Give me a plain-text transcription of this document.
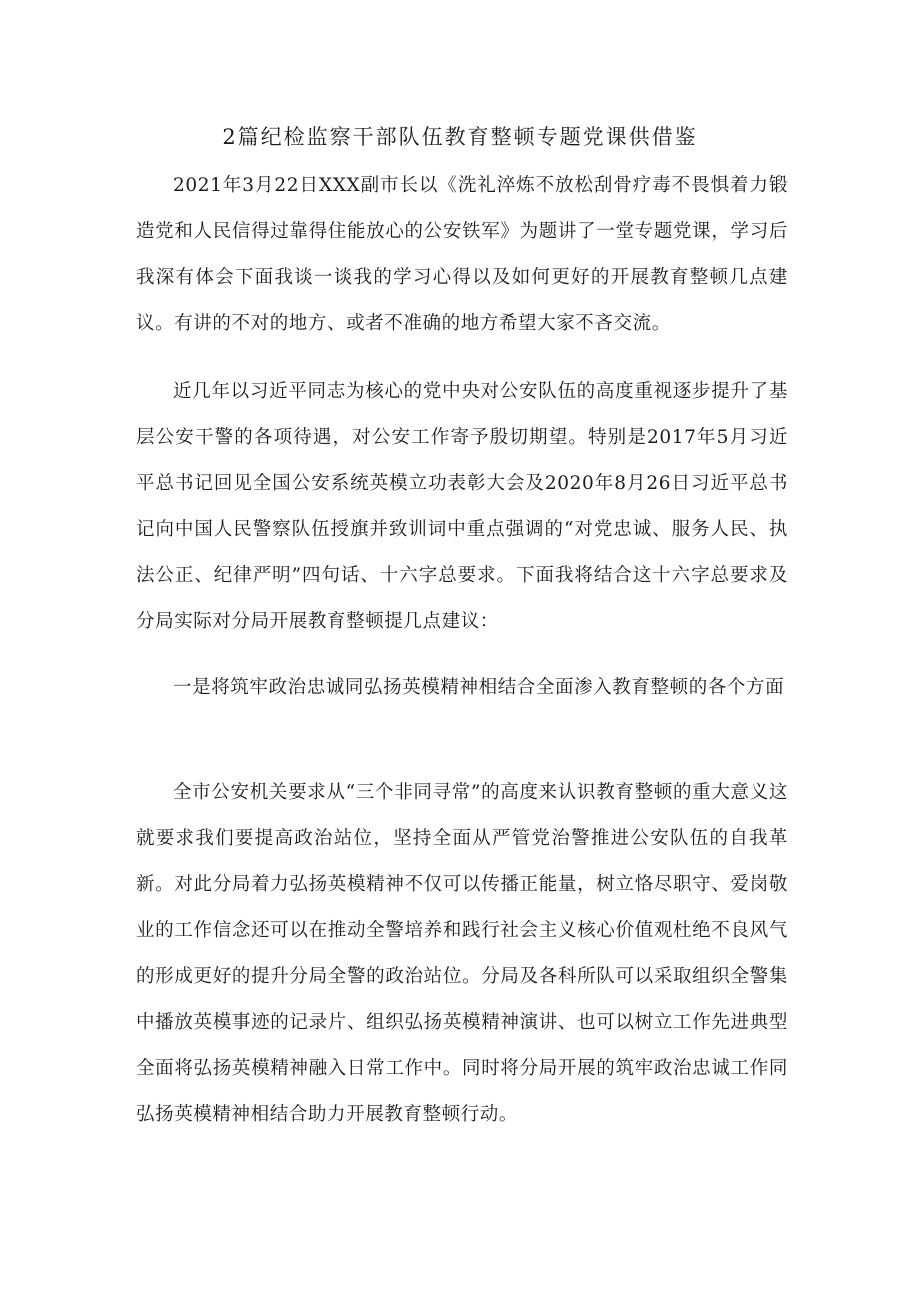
2篇纪检监察干部队伍教育整顿专题党课供借鉴

2021年3月22日XXX副市长以《洗礼淬炼不放松刮骨疗毒不畏惧着力锻造党和人民信得过靠得住能放心的公安铁军》为题讲了一堂专题党课，学习后我深有体会下面我谈一谈我的学习心得以及如何更好的开展教育整顿几点建议。有讲的不对的地方、或者不准确的地方希望大家不吝交流。

近几年以习近平同志为核心的党中央对公安队伍的高度重视逐步提升了基层公安干警的各项待遇，对公安工作寄予殷切期望。特别是2017年5月习近平总书记回见全国公安系统英模立功表彰大会及2020年8月26日习近平总书记向中国人民警察队伍授旗并致训词中重点强调的“对党忠诚、服务人民、执法公正、纪律严明”四句话、十六字总要求。下面我将结合这十六字总要求及分局实际对分局开展教育整顿提几点建议：

一是将筑牢政治忠诚同弘扬英模精神相结合全面渗入教育整顿的各个方面

全市公安机关要求从“三个非同寻常”的高度来认识教育整顿的重大意义这就要求我们要提高政治站位，坚持全面从严管党治警推进公安队伍的自我革新。对此分局着力弘扬英模精神不仅可以传播正能量，树立恪尽职守、爱岗敬业的工作信念还可以在推动全警培养和践行社会主义核心价值观杜绝不良风气的形成更好的提升分局全警的政治站位。分局及各科所队可以采取组织全警集中播放英模事迹的记录片、组织弘扬英模精神演讲、也可以树立工作先进典型全面将弘扬英模精神融入日常工作中。同时将分局开展的筑牢政治忠诚工作同弘扬英模精神相结合助力开展教育整顿行动。
